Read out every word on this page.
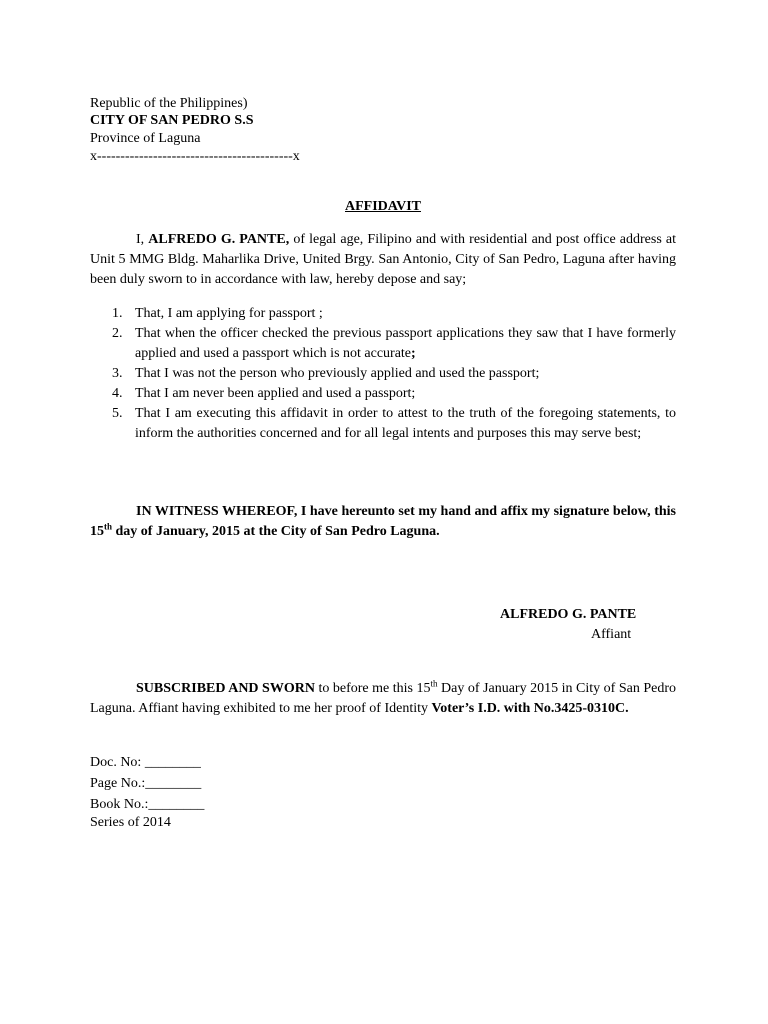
Republic of the Philippines)
CITY OF SAN PEDRO S.S
Province of Laguna
x------------------------------------------x
AFFIDAVIT
I, ALFREDO G. PANTE, of legal age, Filipino and with residential and post office address at Unit 5 MMG Bldg. Maharlika Drive, United Brgy. San Antonio, City of San Pedro, Laguna after having been duly sworn to in accordance with law, hereby depose and say;
1. That, I am applying for passport ;
2. That when the officer checked the previous passport applications they saw that I have formerly applied and used a passport which is not accurate;
3. That I was not the person who previously applied and used the passport;
4. That I am never been applied and used a passport;
5. That I am executing this affidavit in order to attest to the truth of the foregoing statements, to inform the authorities concerned and for all legal intents and purposes this may serve best;
IN WITNESS WHEREOF, I have hereunto set my hand and affix my signature below, this 15th day of January, 2015 at the City of San Pedro Laguna.
ALFREDO G. PANTE
Affiant
SUBSCRIBED AND SWORN to before me this 15th Day of January 2015 in City of San Pedro Laguna. Affiant having exhibited to me her proof of Identity Voter’s I.D. with No.3425-0310C.
Doc. No: ________
Page No.:________
Book No.:________
Series of 2014
